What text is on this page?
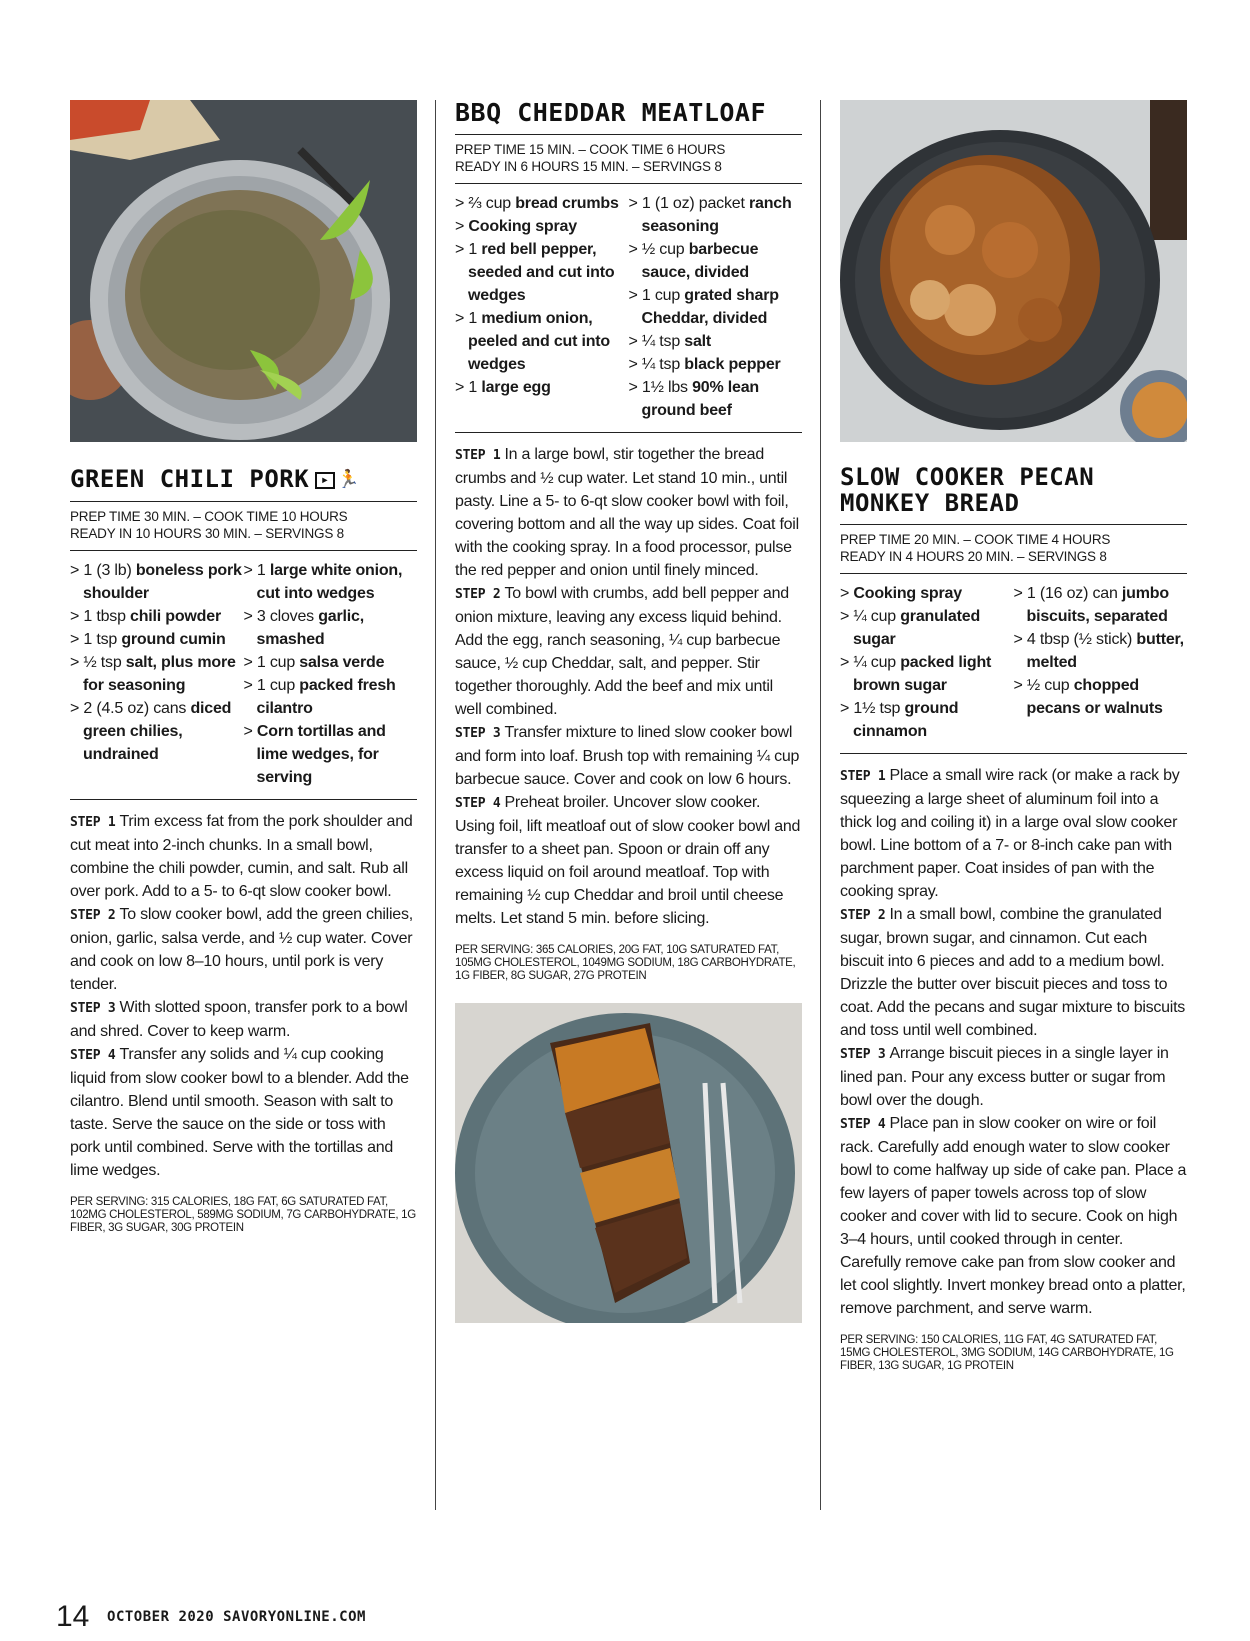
GREEN CHILI PORK ▸ 🏃
PREP TIME 30 MIN. – COOK TIME 10 HOURS
READY IN 10 HOURS 30 MIN. – SERVINGS 8
> 1 (3 lb) boneless pork shoulder
> 1 tbsp chili powder
> 1 tsp ground cumin
> ½ tsp salt, plus more for seasoning
> 2 (4.5 oz) cans diced green chilies, undrained
> 1 large white onion, cut into wedges
> 3 cloves garlic, smashed
> 1 cup salsa verde
> 1 cup packed fresh cilantro
> Corn tortillas and lime wedges, for serving

STEP 1 Trim excess fat from the pork shoulder and cut meat into 2-inch chunks. In a small bowl, combine the chili powder, cumin, and salt. Rub all over pork. Add to a 5- to 6-qt slow cooker bowl.

STEP 2 To slow cooker bowl, add the green chilies, onion, garlic, salsa verde, and ½ cup water. Cover and cook on low 8–10 hours, until pork is very tender.

STEP 3 With slotted spoon, transfer pork to a bowl and shred. Cover to keep warm.

STEP 4 Transfer any solids and ¼ cup cooking liquid from slow cooker bowl to a blender. Add the cilantro. Blend until smooth. Season with salt to taste. Serve the sauce on the side or toss with pork until combined. Serve with the tortillas and lime wedges.

PER SERVING: 315 CALORIES, 18G FAT, 6G SATURATED FAT, 102MG CHOLESTEROL, 589MG SODIUM, 7G CARBOHYDRATE, 1G FIBER, 3G SUGAR, 30G PROTEIN
BBQ CHEDDAR MEATLOAF
PREP TIME 15 MIN. – COOK TIME 6 HOURS
READY IN 6 HOURS 15 MIN. – SERVINGS 8
> ⅔ cup bread crumbs
> Cooking spray
> 1 red bell pepper, seeded and cut into wedges
> 1 medium onion, peeled and cut into wedges
> 1 large egg
> 1 (1 oz) packet ranch seasoning
> ½ cup barbecue sauce, divided
> 1 cup grated sharp Cheddar, divided
> ¼ tsp salt
> ¼ tsp black pepper
> 1½ lbs 90% lean ground beef

STEP 1 In a large bowl, stir together the bread crumbs and ½ cup water. Let stand 10 min., until pasty. Line a 5- to 6-qt slow cooker bowl with foil, covering bottom and all the way up sides. Coat foil with the cooking spray. In a food processor, pulse the red pepper and onion until finely minced.

STEP 2 To bowl with crumbs, add bell pepper and onion mixture, leaving any excess liquid behind. Add the egg, ranch seasoning, ¼ cup barbecue sauce, ½ cup Cheddar, salt, and pepper. Stir together thoroughly. Add the beef and mix until well combined.

STEP 3 Transfer mixture to lined slow cooker bowl and form into loaf. Brush top with remaining ¼ cup barbecue sauce. Cover and cook on low 6 hours.

STEP 4 Preheat broiler. Uncover slow cooker. Using foil, lift meatloaf out of slow cooker bowl and transfer to a sheet pan. Spoon or drain off any excess liquid on foil around meatloaf. Top with remaining ½ cup Cheddar and broil until cheese melts. Let stand 5 min. before slicing.

PER SERVING: 365 CALORIES, 20G FAT, 10G SATURATED FAT, 105MG CHOLESTEROL, 1049MG SODIUM, 18G CARBOHYDRATE, 1G FIBER, 8G SUGAR, 27G PROTEIN
SLOW COOKER PECAN
MONKEY BREAD
PREP TIME 20 MIN. – COOK TIME 4 HOURS
READY IN 4 HOURS 20 MIN. – SERVINGS 8
> Cooking spray
> ¼ cup granulated sugar
> ¼ cup packed light brown sugar
> 1½ tsp ground cinnamon
> 1 (16 oz) can jumbo biscuits, separated
> 4 tbsp (½ stick) butter, melted
> ½ cup chopped pecans or walnuts

STEP 1 Place a small wire rack (or make a rack by squeezing a large sheet of aluminum foil into a thick log and coiling it) in a large oval slow cooker bowl. Line bottom of a 7- or 8-inch cake pan with parchment paper. Coat insides of pan with the cooking spray.

STEP 2 In a small bowl, combine the granulated sugar, brown sugar, and cinnamon. Cut each biscuit into 6 pieces and add to a medium bowl. Drizzle the butter over biscuit pieces and toss to coat. Add the pecans and sugar mixture to biscuits and toss until well combined.

STEP 3 Arrange biscuit pieces in a single layer in lined pan. Pour any excess butter or sugar from bowl over the dough.

STEP 4 Place pan in slow cooker on wire or foil rack. Carefully add enough water to slow cooker bowl to come halfway up side of cake pan. Place a few layers of paper towels across top of slow cooker and cover with lid to secure. Cook on high 3–4 hours, until cooked through in center. Carefully remove cake pan from slow cooker and let cool slightly. Invert monkey bread onto a platter, remove parchment, and serve warm.

PER SERVING: 150 CALORIES, 11G FAT, 4G SATURATED FAT, 15MG CHOLESTEROL, 3MG SODIUM, 14G CARBOHYDRATE, 1G FIBER, 13G SUGAR, 1G PROTEIN
14 OCTOBER 2020 SAVORYONLINE.COM
